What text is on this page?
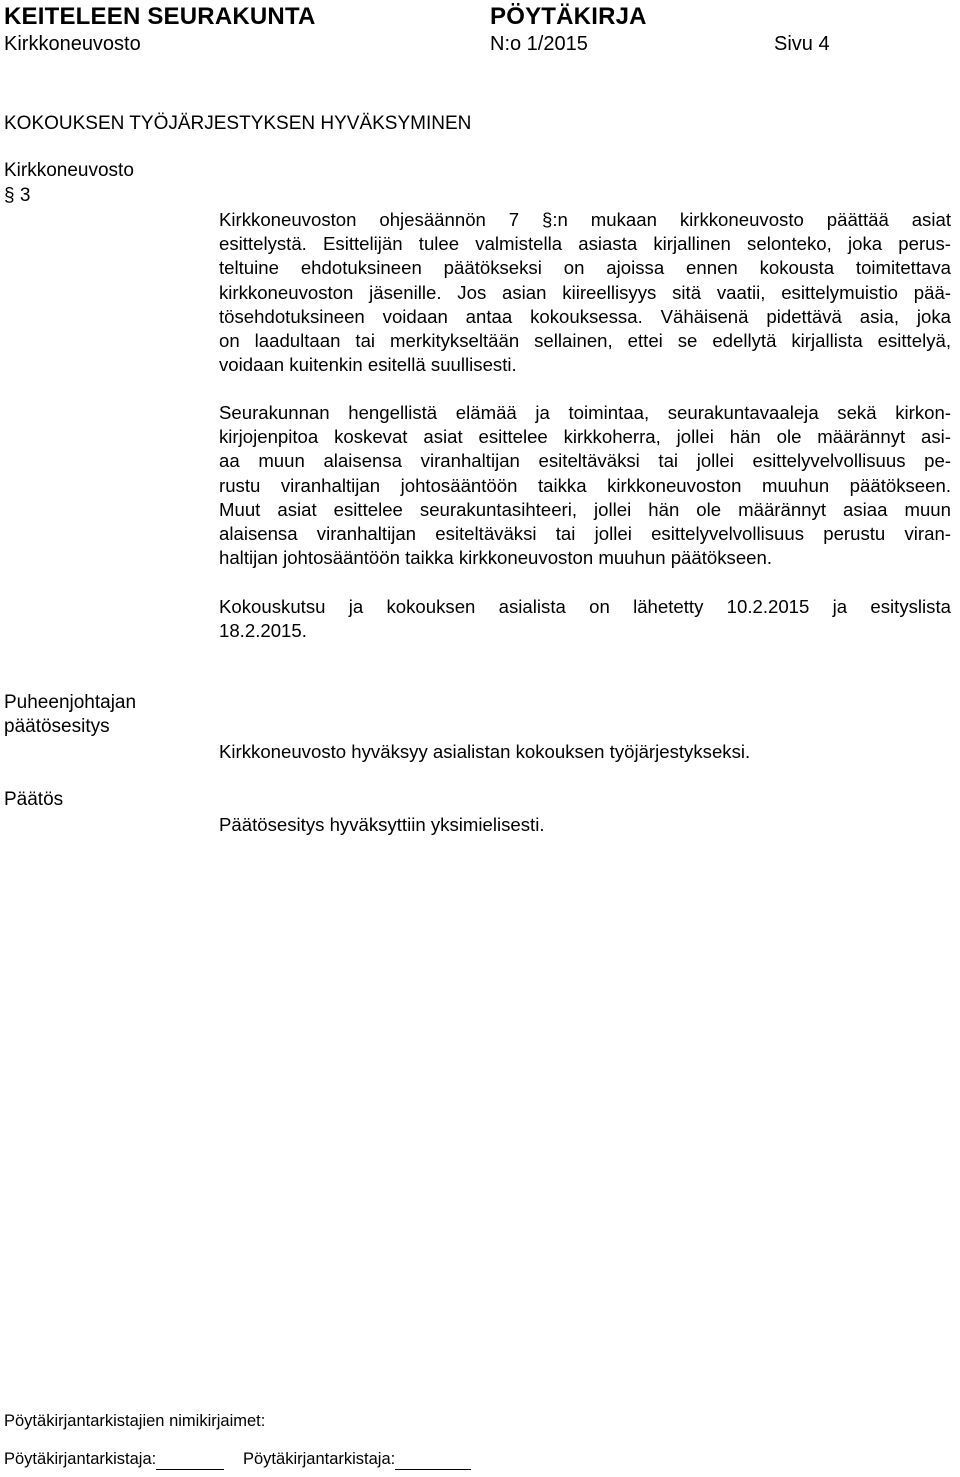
KEITELEEN SEURAKUNTA	PÖYTÄKIRJA
Kirkkoneuvosto	N:o 1/2015	Sivu 4
KOKOUKSEN TYÖJÄRJESTYKSEN HYVÄKSYMINEN
Kirkkoneuvosto
§ 3
Kirkkoneuvoston ohjesäännön 7 §:n mukaan kirkkoneuvosto päättää asiat
esittelystä. Esittelijän tulee valmistella asiasta kirjallinen selonteko, joka perus-
teltuine ehdotuksineen päätökseksi on ajoissa ennen kokousta toimitettava
kirkkoneuvoston jäsenille. Jos asian kiireellisyys sitä vaatii, esittelymuistio pää-
tösehdotuksineen voidaan antaa kokouksessa. Vähäisenä pidettävä asia, joka
on laadultaan tai merkitykseltään sellainen, ettei se edellytä kirjallista esittelyä,
voidaan kuitenkin esitellä suullisesti.
Seurakunnan hengellistä elämää ja toimintaa, seurakuntavaaleja sekä kirkon-
kirjojenpitoa koskevat asiat esittelee kirkkoherra, jollei hän ole määrännyt asi-
aa muun alaisensa viranhaltijan esiteltäväksi tai jollei esittelyvelvollisuus pe-
rustu viranhaltijan johtosääntöön taikka kirkkoneuvoston muuhun päätökseen.
Muut asiat esittelee seurakuntasihteeri, jollei hän ole määrännyt asiaa muun
alaisensa viranhaltijan esiteltäväksi tai jollei esittelyvelvollisuus perustu viran-
haltijan johtosääntöön taikka kirkkoneuvoston muuhun päätökseen.
Kokouskutsu ja kokouksen asialista on lähetetty 10.2.2015 ja esityslista
18.2.2015.
Puheenjohtajan
päätösesitys
Kirkkoneuvosto hyväksyy asialistan kokouksen työjärjestykseksi.
Päätös
Päätösesitys hyväksyttiin yksimielisesti.
Pöytäkirjantarkistajien nimikirjaimet:
Pöytäkirjantarkistaja:	Pöytäkirjantarkistaja:
